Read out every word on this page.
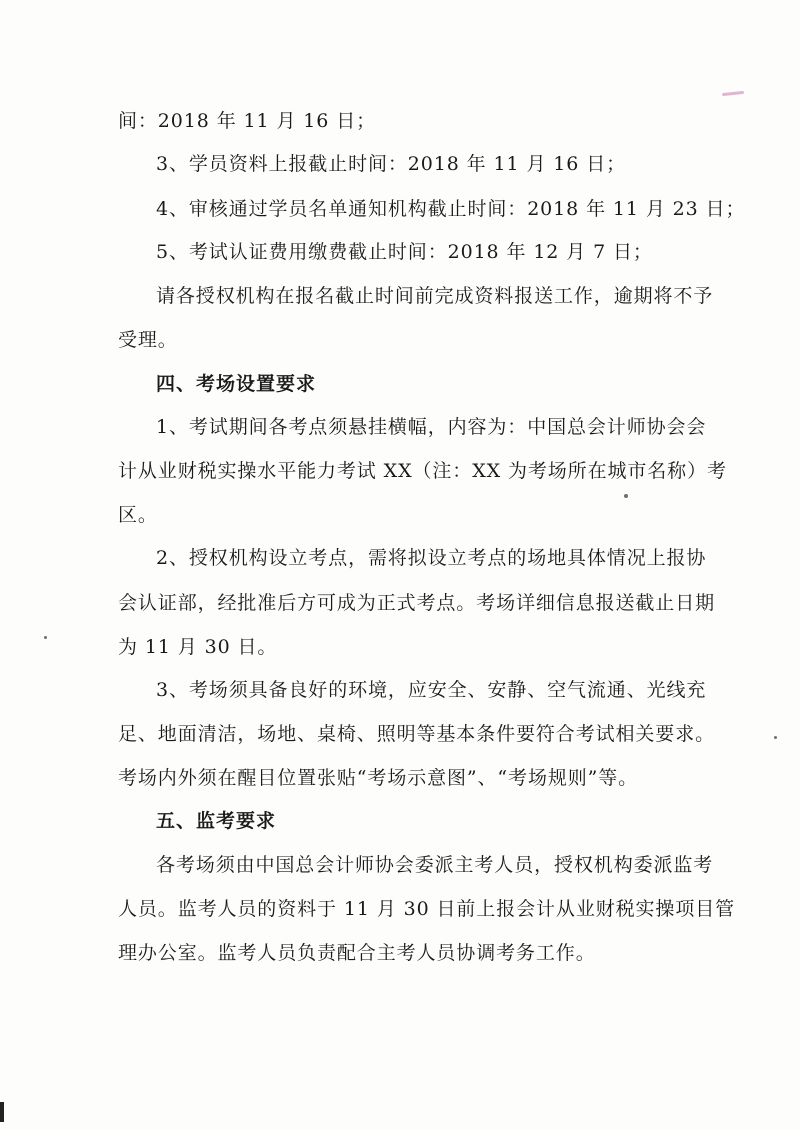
间：2018 年 11 月 16 日；

3、学员资料上报截止时间：2018 年 11 月 16 日；

4、审核通过学员名单通知机构截止时间：2018 年 11 月 23 日；

5、考试认证费用缴费截止时间：2018 年 12 月 7 日；

请各授权机构在报名截止时间前完成资料报送工作，逾期将不予

受理。

四、考场设置要求

1、考试期间各考点须悬挂横幅，内容为：中国总会计师协会会

计从业财税实操水平能力考试 XX（注：XX 为考场所在城市名称）考

区。

2、授权机构设立考点，需将拟设立考点的场地具体情况上报协

会认证部，经批准后方可成为正式考点。考场详细信息报送截止日期

为 11 月 30 日。

3、考场须具备良好的环境，应安全、安静、空气流通、光线充

足、地面清洁，场地、桌椅、照明等基本条件要符合考试相关要求。

考场内外须在醒目位置张贴“考场示意图”、“考场规则”等。

五、监考要求

各考场须由中国总会计师协会委派主考人员，授权机构委派监考

人员。监考人员的资料于 11 月 30 日前上报会计从业财税实操项目管

理办公室。监考人员负责配合主考人员协调考务工作。
